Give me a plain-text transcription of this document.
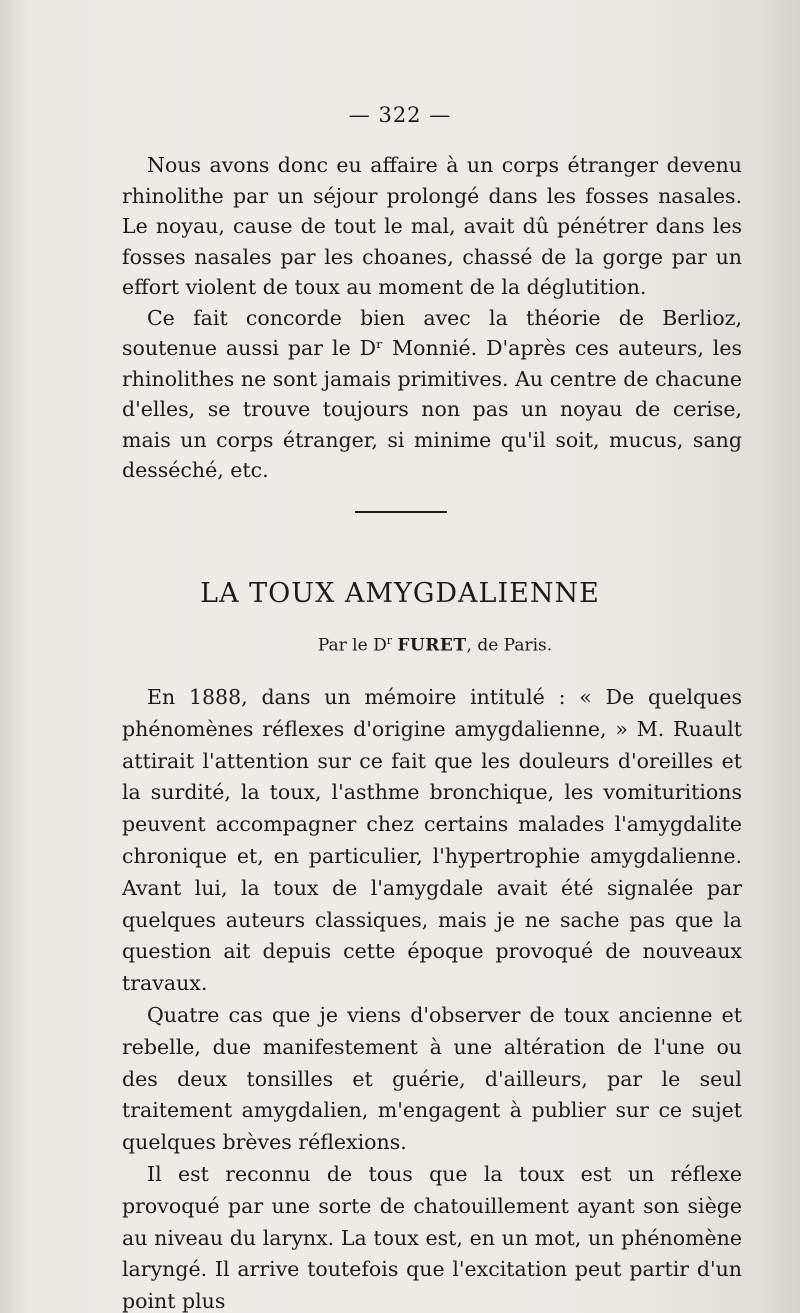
— 322 —

Nous avons donc eu affaire à un corps étranger devenu rhinolithe par un séjour prolongé dans les fosses nasales. Le noyau, cause de tout le mal, avait dû pénétrer dans les fosses nasales par les choanes, chassé de la gorge par un effort violent de toux au moment de la déglutition.

Ce fait concorde bien avec la théorie de Berlioz, soutenue aussi par le Dʳ Monnié. D'après ces auteurs, les rhinolithes ne sont jamais primitives. Au centre de chacune d'elles, se trouve toujours non pas un noyau de cerise, mais un corps étranger, si minime qu'il soit, mucus, sang desséché, etc.

LA TOUX AMYGDALIENNE
Par le $D^r$ FURET, de Paris.

En 1888, dans un mémoire intitulé : « De quelques phénomènes réflexes d'origine amygdalienne, » M. Ruault attirait l'attention sur ce fait que les douleurs d'oreilles et la surdité, la toux, l'asthme bronchique, les vomituritions peuvent accompagner chez certains malades l'amygdalite chronique et, en particulier, l'hypertrophie amygdalienne. Avant lui, la toux de l'amygdale avait été signalée par quelques auteurs classiques, mais je ne sache pas que la question ait depuis cette époque provoqué de nouveaux travaux.

Quatre cas que je viens d'observer de toux ancienne et rebelle, due manifestement à une altération de l'une ou des deux tonsilles et guérie, d'ailleurs, par le seul traitement amygdalien, m'engagent à publier sur ce sujet quelques brèves réflexions.

Il est reconnu de tous que la toux est un réflexe provoqué par une sorte de chatouillement ayant son siège au niveau du larynx. La toux est, en un mot, un phénomène laryngé. Il arrive toutefois que l'excitation peut partir d'un point plus
